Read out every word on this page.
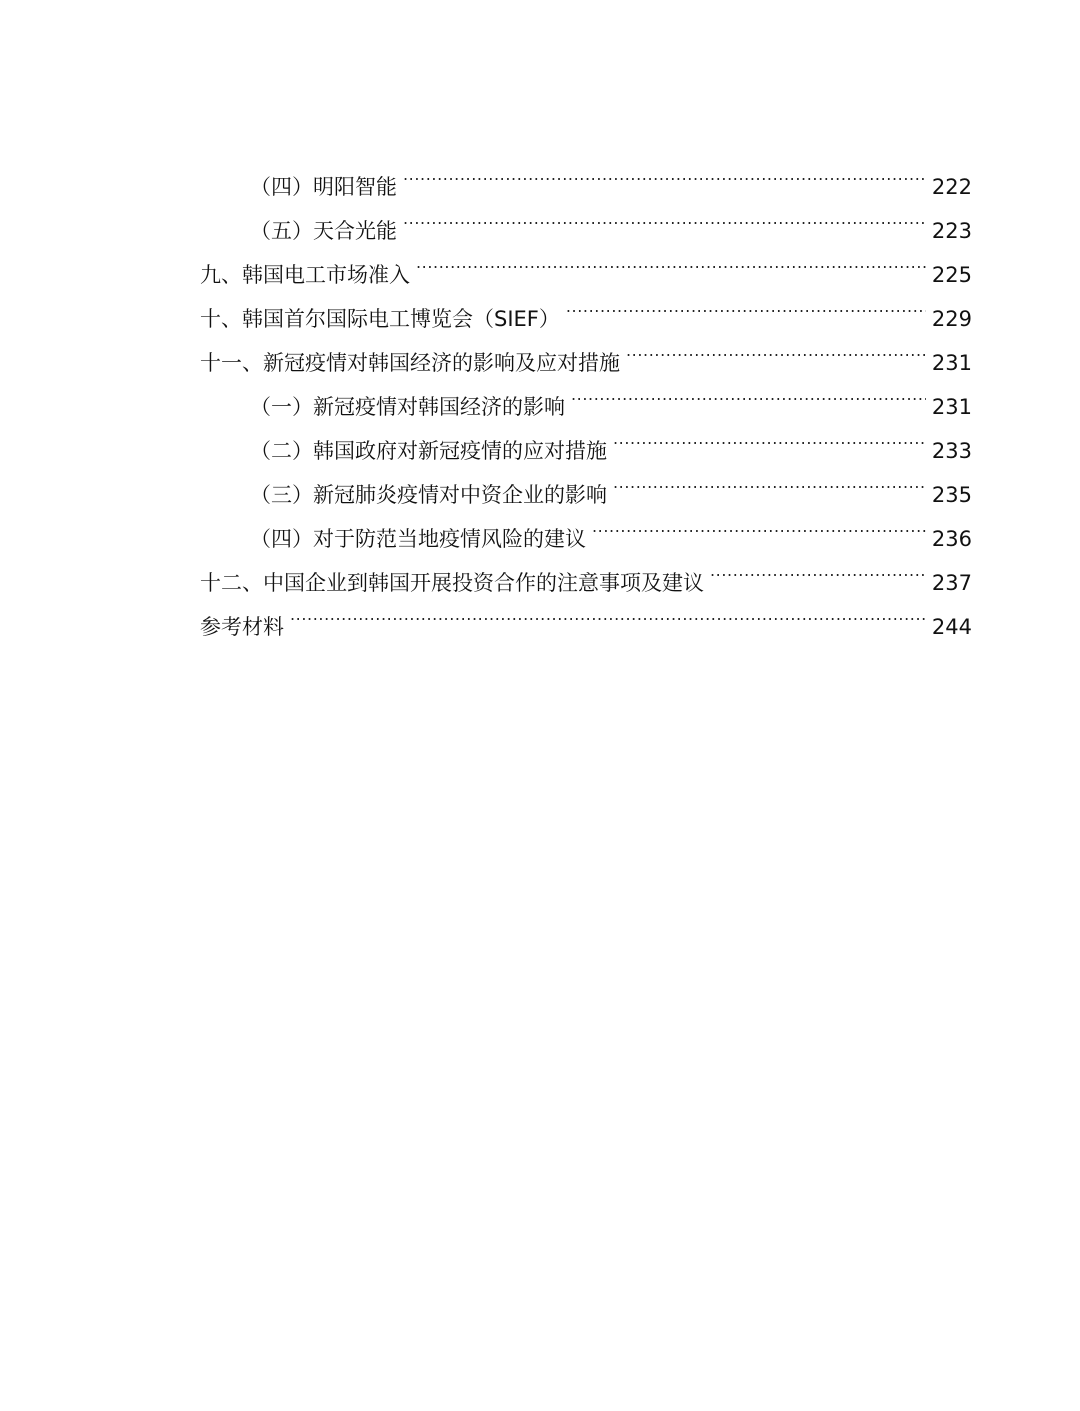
（四）明阳智能 .....	222
（五）天合光能 .....	223
九、韩国电工市场准入 .....	225
十、韩国首尔国际电工博览会（SIEF） .....	229
十一、新冠疫情对韩国经济的影响及应对措施 .....	231
（一）新冠疫情对韩国经济的影响 .....	231
（二）韩国政府对新冠疫情的应对措施 .....	233
（三）新冠肺炎疫情对中资企业的影响 .....	235
（四）对于防范当地疫情风险的建议 .....	236
十二、中国企业到韩国开展投资合作的注意事项及建议 .....	237
参考材料 .....	244
